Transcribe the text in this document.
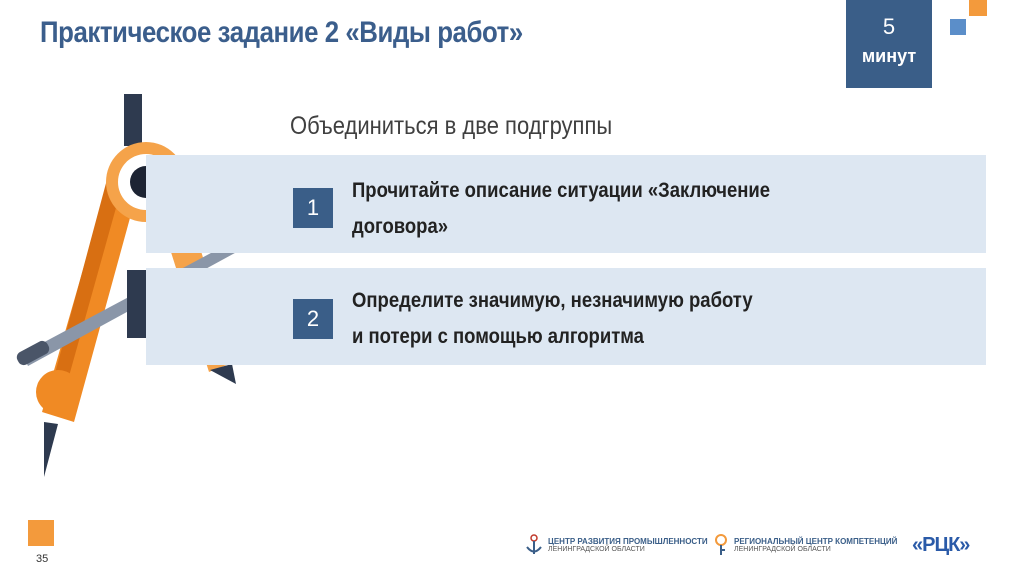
Практическое задание 2 «Виды работ»	5
минут
Объединиться в две подгруппы
1
Прочитайте описание ситуации «Заключение
договора»
2
Определите значимую, незначимую работу
и потери с помощью алгоритма
35
ЦЕНТР РАЗВИТИЯ ПРОМЫШЛЕННОСТИ
ЛЕНИНГРАДСКОЙ ОБЛАСТИ
РЕГИОНАЛЬНЫЙ ЦЕНТР КОМПЕТЕНЦИЙ
ЛЕНИНГРАДСКОЙ ОБЛАСТИ	«РЦК»
